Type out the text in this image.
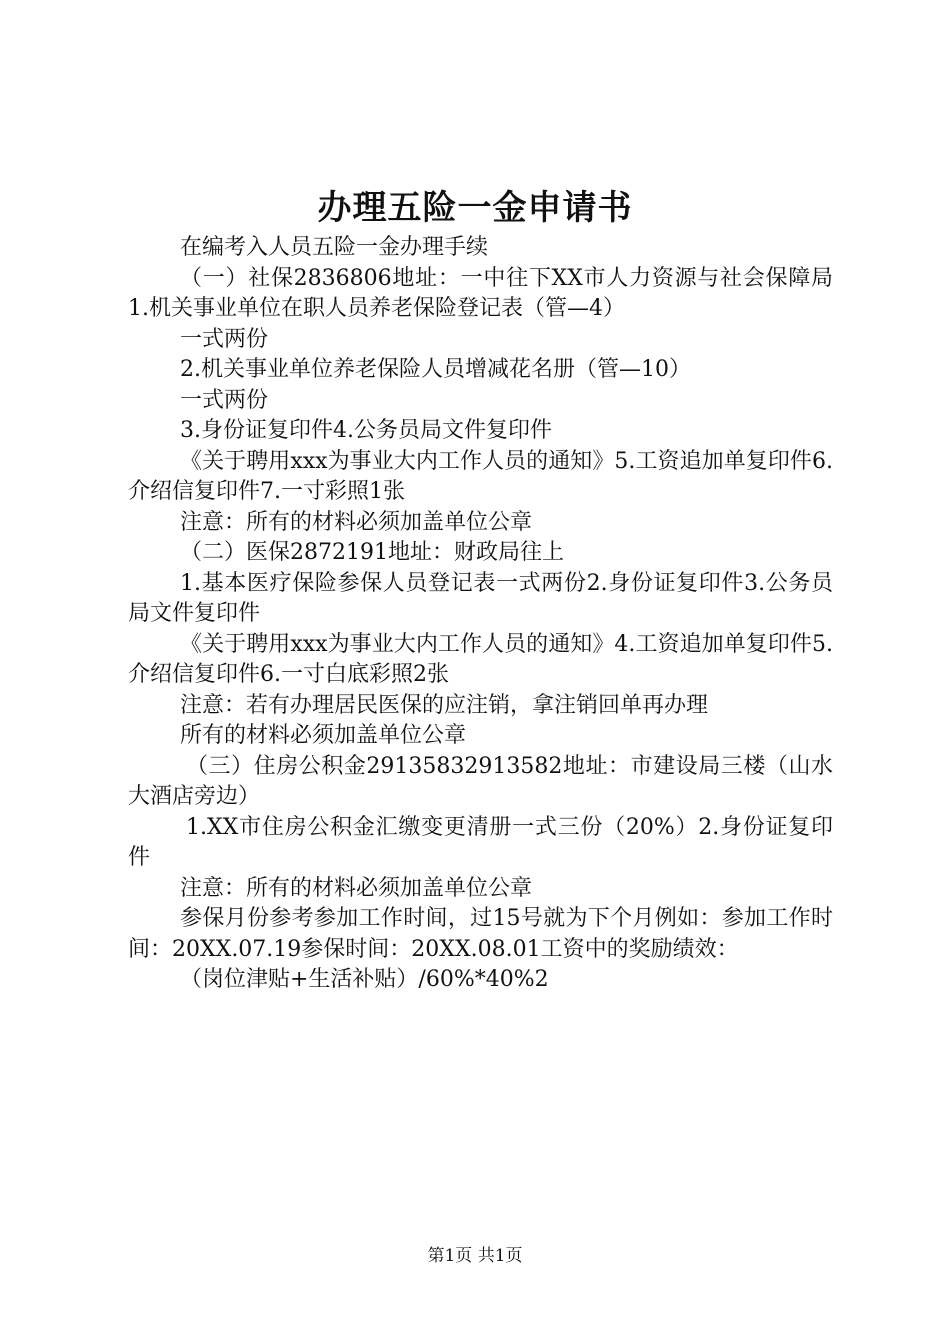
办理五险一金申请书

在编考入人员五险一金办理手续

（一）社保2836806地址：一中往下XX市人力资源与社会保障局1.机关事业单位在职人员养老保险登记表（管—4）

一式两份

2.机关事业单位养老保险人员增减花名册（管—10）

一式两份

3.身份证复印件4.公务员局文件复印件

《关于聘用xxx为事业大内工作人员的通知》5.工资追加单复印件6.介绍信复印件7.一寸彩照1张

注意：所有的材料必须加盖单位公章

（二）医保2872191地址：财政局往上

1.基本医疗保险参保人员登记表一式两份2.身份证复印件3.公务员局文件复印件

《关于聘用xxx为事业大内工作人员的通知》4.工资追加单复印件5.介绍信复印件6.一寸白底彩照2张

注意：若有办理居民医保的应注销，拿注销回单再办理

所有的材料必须加盖单位公章

（三）住房公积金29135832913582地址：市建设局三楼（山水大酒店旁边）

1.XX市住房公积金汇缴变更清册一式三份（20%）2.身份证复印件

注意：所有的材料必须加盖单位公章

参保月份参考参加工作时间，过15号就为下个月例如：参加工作时间：20XX.07.19参保时间：20XX.08.01工资中的奖励绩效：

（岗位津贴+生活补贴）/60%*40%2

第1页 共1页
